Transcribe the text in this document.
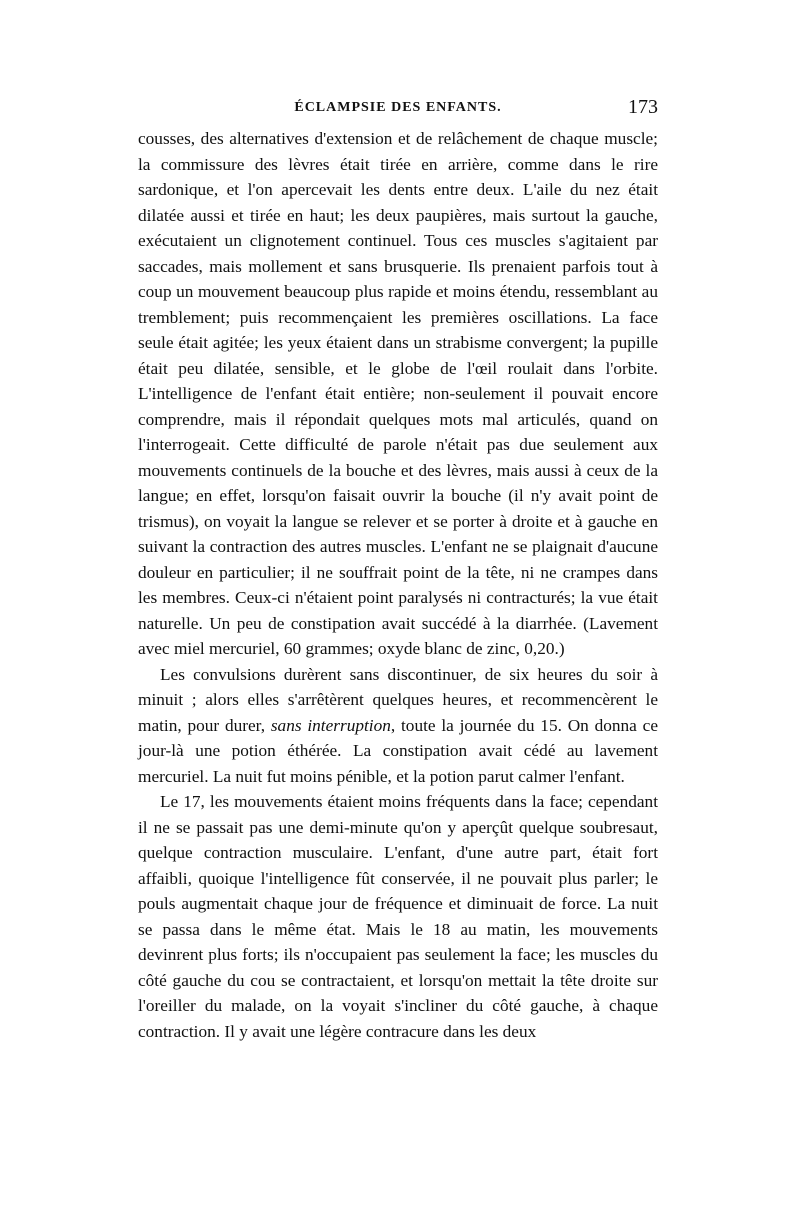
ÉCLAMPSIE DES ENFANTS.	173

cousses, des alternatives d'extension et de relâchement de chaque muscle; la commissure des lèvres était tirée en arrière, comme dans le rire sardonique, et l'on apercevait les dents entre deux. L'aile du nez était dilatée aussi et tirée en haut; les deux paupières, mais surtout la gauche, exécutaient un clignotement continuel. Tous ces muscles s'agitaient par saccades, mais mollement et sans brusquerie. Ils prenaient parfois tout à coup un mouvement beaucoup plus rapide et moins étendu, ressemblant au tremblement; puis recommençaient les premières oscillations. La face seule était agitée; les yeux étaient dans un strabisme convergent; la pupille était peu dilatée, sensible, et le globe de l'œil roulait dans l'orbite. L'intelligence de l'enfant était entière; non-seulement il pouvait encore comprendre, mais il répondait quelques mots mal articulés, quand on l'interrogeait. Cette difficulté de parole n'était pas due seulement aux mouvements continuels de la bouche et des lèvres, mais aussi à ceux de la langue; en effet, lorsqu'on faisait ouvrir la bouche (il n'y avait point de trismus), on voyait la langue se relever et se porter à droite et à gauche en suivant la contraction des autres muscles. L'enfant ne se plaignait d'aucune douleur en particulier; il ne souffrait point de la tête, ni ne crampes dans les membres. Ceux-ci n'étaient point paralysés ni contracturés; la vue était naturelle. Un peu de constipation avait succédé à la diarrhée. (Lavement avec miel mercuriel, 60 grammes; oxyde blanc de zinc, 0,20.)

Les convulsions durèrent sans discontinuer, de six heures du soir à minuit ; alors elles s'arrêtèrent quelques heures, et recommencèrent le matin, pour durer, sans interruption, toute la journée du 15. On donna ce jour-là une potion éthérée. La constipation avait cédé au lavement mercuriel. La nuit fut moins pénible, et la potion parut calmer l'enfant.

Le 17, les mouvements étaient moins fréquents dans la face; cependant il ne se passait pas une demi-minute qu'on y aperçût quelque soubresaut, quelque contraction musculaire. L'enfant, d'une autre part, était fort affaibli, quoique l'intelligence fût conservée, il ne pouvait plus parler; le pouls augmentait chaque jour de fréquence et diminuait de force. La nuit se passa dans le même état. Mais le 18 au matin, les mouvements devinrent plus forts; ils n'occupaient pas seulement la face; les muscles du côté gauche du cou se contractaient, et lorsqu'on mettait la tête droite sur l'oreiller du malade, on la voyait s'incliner du côté gauche, à chaque contraction. Il y avait une légère contracure dans les deux
